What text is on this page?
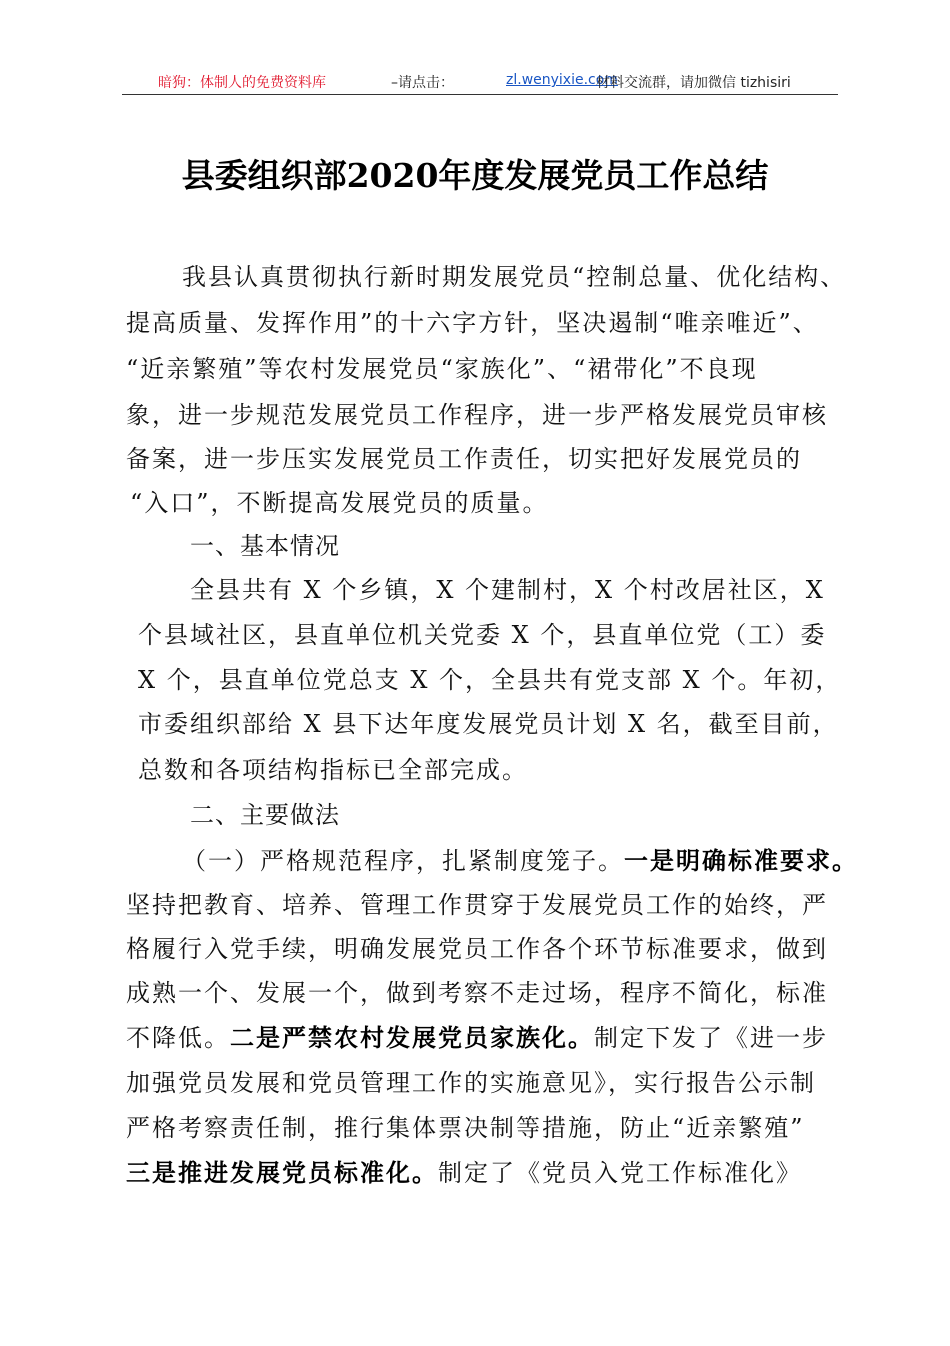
暗狗：体制人的免费资料库	–请点击：	zl.wenyixie.com
材料交流群，请加微信 tizhisiri
县委组织部2020年度发展党员工作总结
我县认真贯彻执行新时期发展党员“控制总量、优化结构、
提高质量、发挥作用”的十六字方针，坚决遏制“唯亲唯近”、
“近亲繁殖”等农村发展党员“家族化”、“裙带化”不良现
象，进一步规范发展党员工作程序，进一步严格发展党员审核
备案，进一步压实发展党员工作责任，切实把好发展党员的
“入口”，不断提高发展党员的质量。
一、基本情况
全县共有 X 个乡镇，X 个建制村，X 个村改居社区，X
个县域社区，县直单位机关党委 X 个，县直单位党（工）委
X 个，县直单位党总支 X 个，全县共有党支部 X 个。年初，
市委组织部给 X 县下达年度发展党员计划 X 名，截至目前，
总数和各项结构指标已全部完成。
二、主要做法
（一）严格规范程序，扎紧制度笼子。一是明确标准要求。
坚持把教育、培养、管理工作贯穿于发展党员工作的始终，严
格履行入党手续，明确发展党员工作各个环节标准要求，做到
成熟一个、发展一个，做到考察不走过场，程序不简化，标准
不降低。二是严禁农村发展党员家族化。制定下发了《进一步
加强党员发展和党员管理工作的实施意见》，实行报告公示制
严格考察责任制，推行集体票决制等措施，防止“近亲繁殖”
三是推进发展党员标准化。制定了《党员入党工作标准化》
